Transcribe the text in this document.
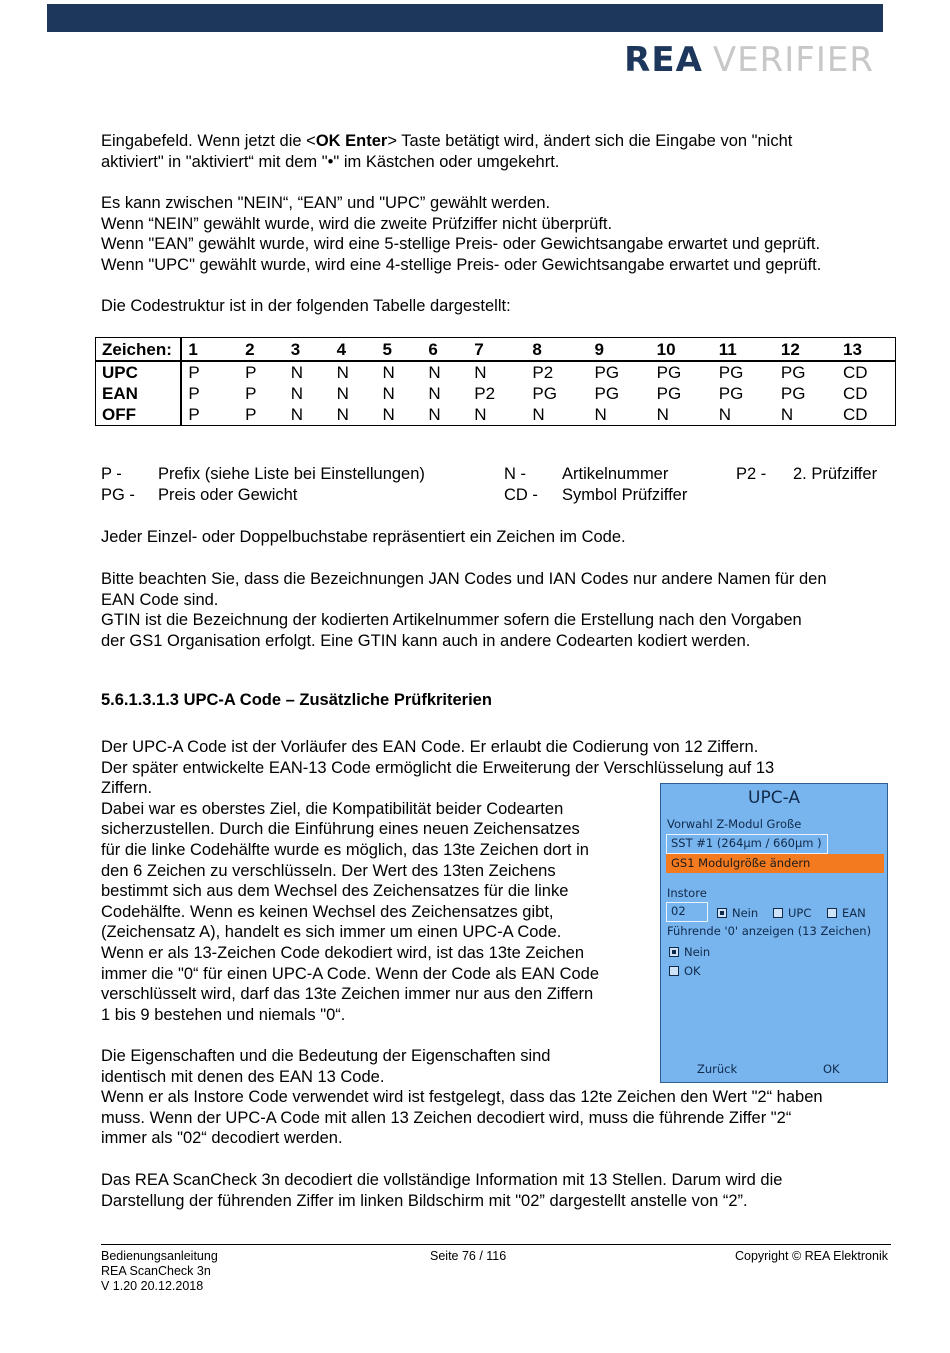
REA VERIFIER
Eingabefeld. Wenn jetzt die <OK Enter> Taste betätigt wird, ändert sich die Eingabe von "nicht
aktiviert" in "aktiviert“ mit dem "•" im Kästchen oder umgekehrt.
Es kann zwischen "NEIN“, “EAN” und "UPC” gewählt werden.
Wenn “NEIN” gewählt wurde, wird die zweite Prüfziffer nicht überprüft.
Wenn "EAN” gewählt wurde, wird eine 5-stellige Preis- oder Gewichtsangabe erwartet und geprüft.
Wenn "UPC" gewählt wurde, wird eine 4-stellige Preis- oder Gewichtsangabe erwartet und geprüft.
Die Codestruktur ist in der folgenden Tabelle dargestellt:
Zeichen:	1	2	3	4	5	6	7	8	9	10	11	12	13
UPC	P	P	N	N	N	N	N	P2	PG	PG	PG	PG	CD
EAN	P	P	N	N	N	N	P2	PG	PG	PG	PG	PG	CD
OFF	P	P	N	N	N	N	N	N	N	N	N	N	CD
P - Prefix (siehe Liste bei Einstellungen)	N - Artikelnummer	P2 - 2. Prüfziffer
PG - Preis oder Gewicht	CD - Symbol Prüfziffer
Jeder Einzel- oder Doppelbuchstabe repräsentiert ein Zeichen im Code.
Bitte beachten Sie, dass die Bezeichnungen JAN Codes und IAN Codes nur andere Namen für den
EAN Code sind.
GTIN ist die Bezeichnung der kodierten Artikelnummer sofern die Erstellung nach den Vorgaben
der GS1 Organisation erfolgt. Eine GTIN kann auch in andere Codearten kodiert werden.
5.6.1.3.1.3 UPC-A Code – Zusätzliche Prüfkriterien
Der UPC-A Code ist der Vorläufer des EAN Code. Er erlaubt die Codierung von 12 Ziffern.
Der später entwickelte EAN-13 Code ermöglicht die Erweiterung der Verschlüsselung auf 13
Ziffern.
Dabei war es oberstes Ziel, die Kompatibilität beider Codearten
sicherzustellen. Durch die Einführung eines neuen Zeichensatzes
für die linke Codehälfte wurde es möglich, das 13te Zeichen dort in
den 6 Zeichen zu verschlüsseln. Der Wert des 13ten Zeichens
bestimmt sich aus dem Wechsel des Zeichensatzes für die linke
Codehälfte. Wenn es keinen Wechsel des Zeichensatzes gibt,
(Zeichensatz A), handelt es sich immer um einen UPC-A Code.
Wenn er als 13-Zeichen Code dekodiert wird, ist das 13te Zeichen
immer die "0“ für einen UPC-A Code. Wenn der Code als EAN Code
verschlüsselt wird, darf das 13te Zeichen immer nur aus den Ziffern
1 bis 9 bestehen und niemals "0“.
Die Eigenschaften und die Bedeutung der Eigenschaften sind
identisch mit denen des EAN 13 Code.
Wenn er als Instore Code verwendet wird ist festgelegt, dass das 12te Zeichen den Wert "2“ haben
muss. Wenn der UPC-A Code mit allen 13 Zeichen decodiert wird, muss die führende Ziffer "2“
immer als "02“ decodiert werden.
Das REA ScanCheck 3n decodiert die vollständige Information mit 13 Stellen. Darum wird die
Darstellung der führenden Ziffer im linken Bildschirm mit "02” dargestellt anstelle von “2”.
UPC-A
Vorwahl Z-Modul Große
SST #1 (264µm / 660µm )
GS1 Modulgröße ändern
Instore
02	Nein	UPC	EAN
Führende '0' anzeigen (13 Zeichen)
Nein
OK
Zurück	OK
Bedienungsanleitung
REA ScanCheck 3n
V 1.20 20.12.2018
Seite 76 / 116	Copyright © REA Elektronik
